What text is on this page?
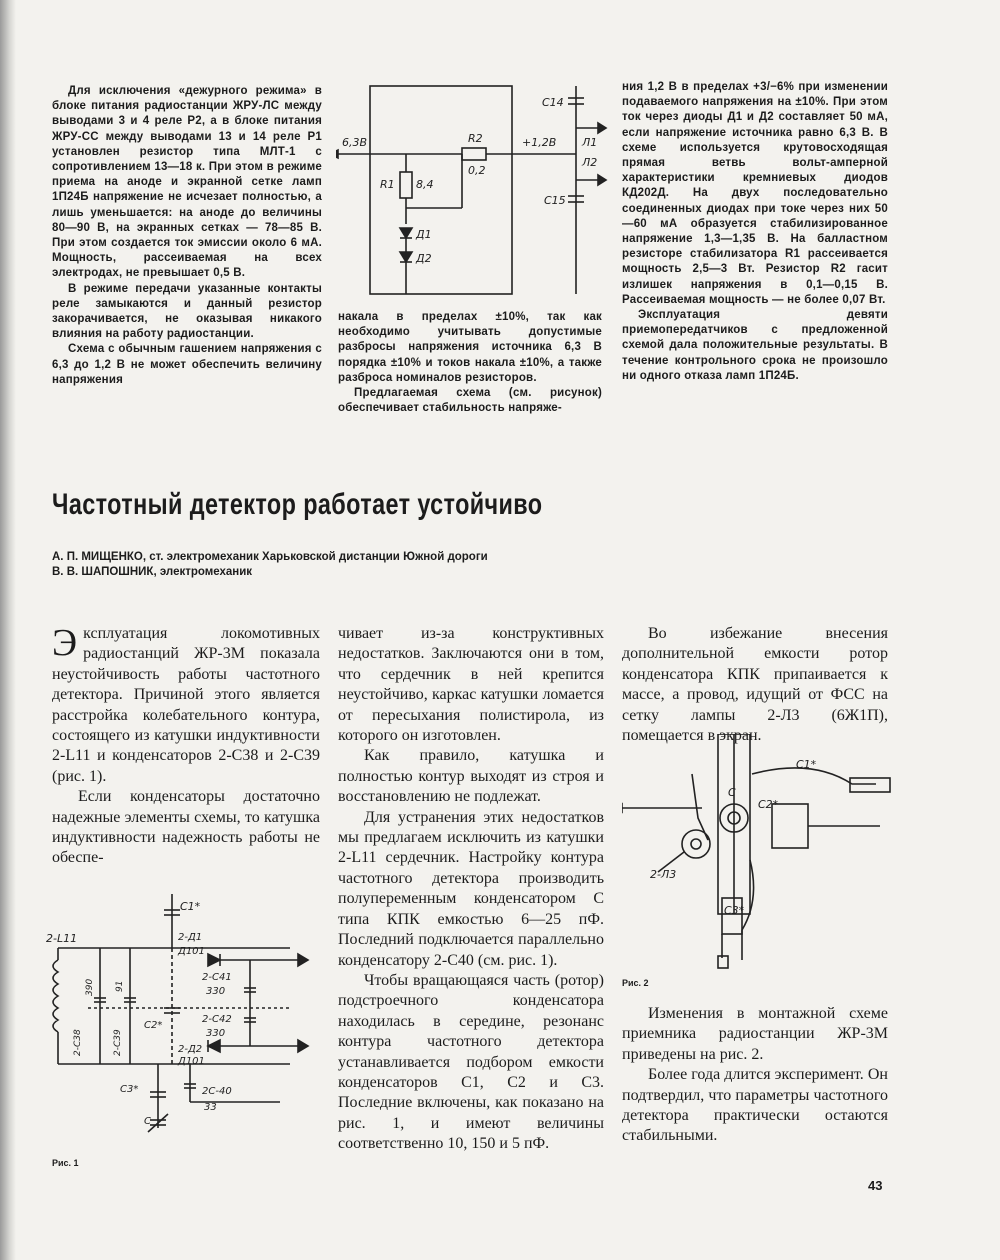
Для исключения «дежурного режима» в блоке питания радиостанции ЖРУ-ЛС между выводами 3 и 4 реле Р2, а в блоке питания ЖРУ-СС между выводами 13 и 14 реле Р1 установлен резистор типа МЛТ-1 с сопротивлением 13—18 к. При этом в режиме приема на аноде и экранной сетке ламп 1П24Б напряжение не исчезает полностью, а лишь уменьшается: на аноде до величины 80—90 В, на экранных сетках — 78—85 В. При этом создается ток эмиссии около 6 мА. Мощность, рассеиваемая на всех электродах, не превышает 0,5 В.

В режиме передачи указанные контакты реле замыкаются и данный резистор закорачивается, не оказывая никакого влияния на работу радиостанции.

Схема с обычным гашением напряжения с 6,3 до 1,2 В не может обеспечить величину напряжения

6,3В	R2
0,2
+1,2В
С14
Л1
Л2
С15
R1 8,4
Д1
Д2

накала в пределах ±10%, так как необходимо учитывать допустимые разбросы напряжения источника 6,3 В порядка ±10% и токов накала ±10%, а также разброса номиналов резисторов.

Предлагаемая схема (см. рисунок) обеспечивает стабильность напряже-

ния 1,2 В в пределах +3/−6% при изменении подаваемого напряжения на ±10%. При этом ток через диоды Д1 и Д2 составляет 50 мА, если напряжение источника равно 6,3 В. В схеме используется крутовосходящая прямая ветвь вольт-амперной характеристики кремниевых диодов КД202Д. На двух последовательно соединенных диодах при токе через них 50—60 мА образуется стабилизированное напряжение 1,3—1,35 В. На балластном резисторе стабилизатора R1 рассеивается мощность 2,5—3 Вт. Резистор R2 гасит излишек напряжения в 0,1—0,15 В. Рассеиваемая мощность — не более 0,07 Вт.

Эксплуатация девяти приемопередатчиков с предложенной схемой дала положительные результаты. В течение контрольного срока не произошло ни одного отказа ламп 1П24Б.

Частотный детектор работает устойчиво
А. П. МИЩЕНКО, ст. электромеханик Харьковской дистанции Южной дороги
В. В. ШАПОШНИК, электромеханик

Эксплуатация локомотивных радиостанций ЖР-3М показала неустойчивость работы частотного детектора. Причиной этого является расстройка колебательного контура, состоящего из катушки индуктивности 2-L11 и конденсаторов 2-С38 и 2-С39 (рис. 1).

Если конденсаторы достаточно надежные элементы схемы, то катушка индуктивности надежность работы не обеспе-

чивает из-за конструктивных недостатков. Заключаются они в том, что сердечник в ней крепится неустойчиво, каркас катушки ломается от пересыхания полистирола, из которого он изготовлен.

Как правило, катушка и полностью контур выходят из строя и восстановлению не подлежат.

Для устранения этих недостатков мы предлагаем исключить из катушки 2-L11 сердечник. Настройку контура частотного детектора производить полупеременным конденсатором С типа КПК емкостью 6—25 пФ. Последний подключается параллельно конденсатору 2-С40 (см. рис. 1).

Чтобы вращающаяся часть (ротор) подстроечного конденсатора находилась в середине, резонанс контура частотного детектора устанавливается подбором емкости конденсаторов С1, С2 и С3. Последние включены, как показано на рис. 1, и имеют величины соответственно 10, 150 и 5 пФ.

Во избежание внесения дополнительной емкости ротор конденсатора КПК припаивается к массе, а провод, идущий от ФСС на сетку лампы 2-Л3 (6Ж1П), помещается в экран.

С1*
2-L11	2-Д1
Д101
2-С41
330
2-С42
330
С2*
2-Д2
Д101
С3*	2С-40
33
С
2-С38	2-С39
390 91
Рис. 1
С1*
С
С2*
2-Л3
С3*
Рис. 2

Изменения в монтажной схеме приемника радиостанции ЖР-3М приведены на рис. 2.

Более года длится эксперимент. Он подтвердил, что параметры частотного детектора практически остаются стабильными.

43
